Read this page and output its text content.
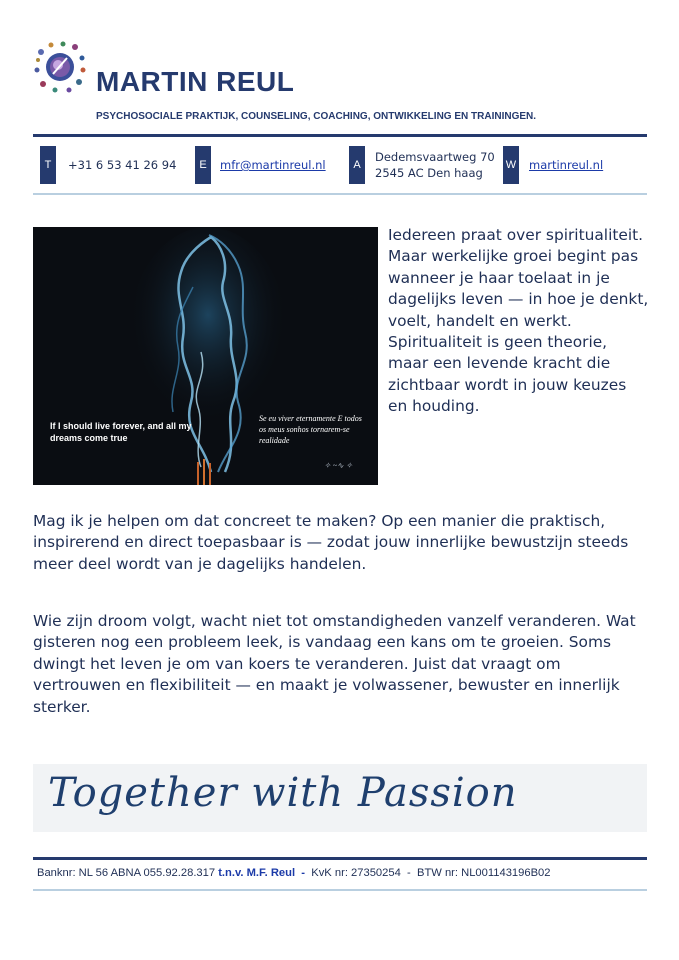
MARTIN REUL
PSYCHOSOCIALE PRAKTIJK, COUNSELING, COACHING, ONTWIKKELING EN TRAININGEN.
T	+31 6 53 41 26 94	E	mfr@martinreul.nl	A
Dedemsvaartweg 70
2545 AC Den haag
W martinreul.nl
If I should live forever, and all my dreams come true
Se eu viver eternamente E todos os meus sonhos tornarem-se realidade
✧ ~∿ ✧
Iedereen praat over spiritualiteit. Maar werkelijke groei begint pas wanneer je haar toelaat in je dagelijks leven — in hoe je denkt, voelt, handelt en werkt. Spiritualiteit is geen theorie, maar een levende kracht die zichtbaar wordt in jouw keuzes en houding.
Mag ik je helpen om dat concreet te maken? Op een manier die praktisch, inspirerend en direct toepasbaar is — zodat jouw innerlijke bewustzijn steeds meer deel wordt van je dagelijks handelen.
Wie zijn droom volgt, wacht niet tot omstandigheden vanzelf veranderen. Wat gisteren nog een probleem leek, is vandaag een kans om te groeien. Soms dwingt het leven je om van koers te veranderen. Juist dat vraagt om vertrouwen en flexibiliteit — en maakt je volwassener, bewuster en innerlijk sterker.
Together with Passion
Banknr: NL 56 ABNA 055.92.28.317 t.n.v. M.F. Reul - KvK nr: 27350254 - BTW nr: NL001143196B02
